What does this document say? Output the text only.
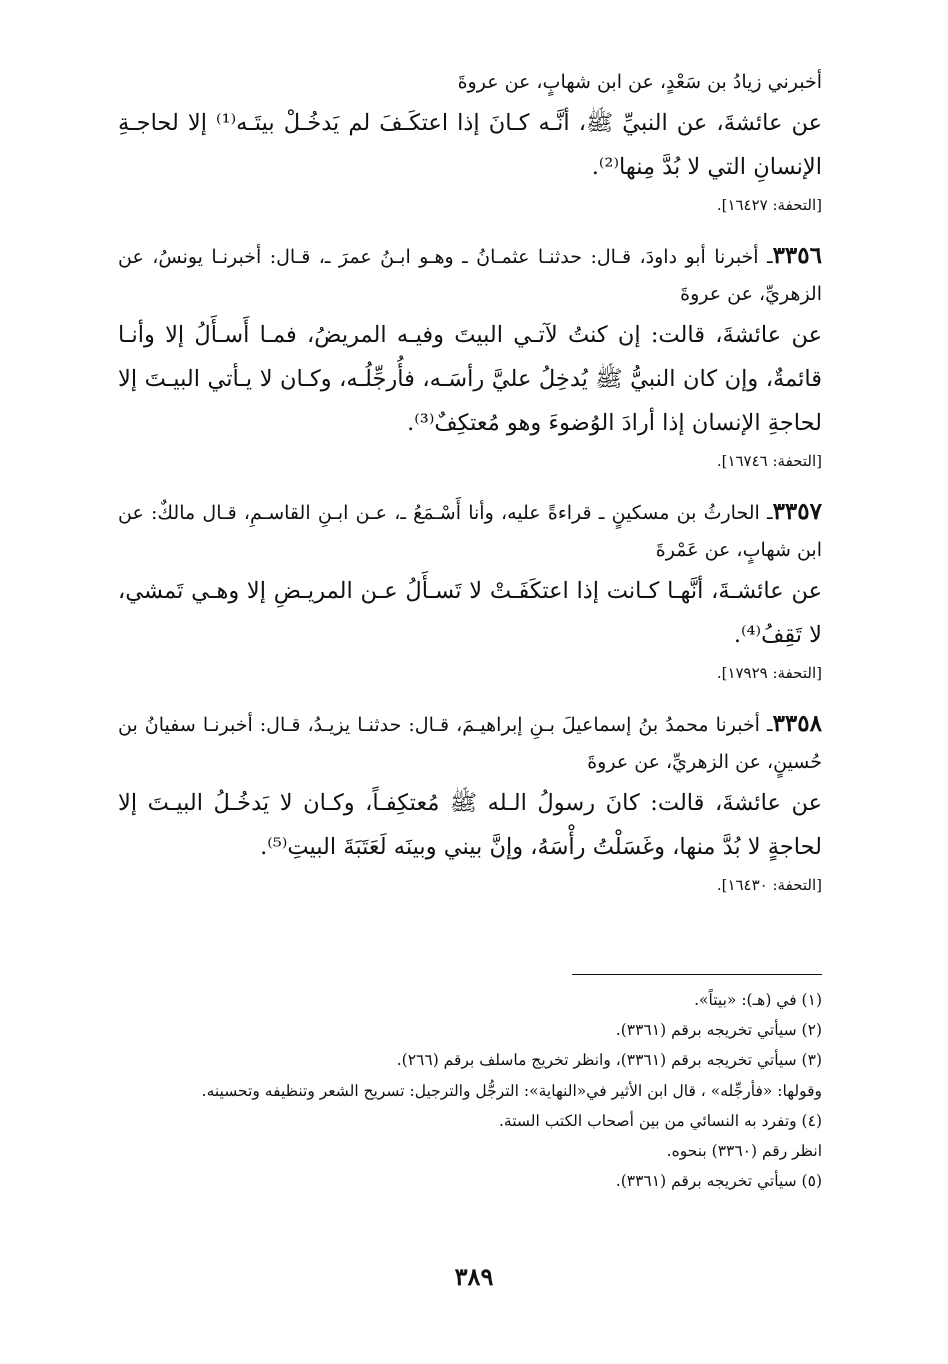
أخبرني زيادُ بن سَعْدٍ، عن ابن شهابٍ، عن عروةَ
عن عائشةَ، عن النبيِّ ﷺ، أنَّـه كـانَ إذا اعتكَـفَ لم يَدخُـلْ بيتَـه⁽¹⁾ إلا لحاجـةِ الإنسانِ التي لا بُدَّ مِنها⁽²⁾.
[التحفة: ١٦٤٢٧].
٣٣٥٦ـ أخبرنا أبو داودَ، قـال: حدثنـا عثمـانُ ـ وهـو ابـنُ عمرَ ـ، قـال: أخبرنـا يونسُ، عن الزهريِّ، عن عروةَ
عن عائشةَ، قالت: إن كنتُ لآتـي البيتَ وفيـه المريضُ، فمـا أَسـأَلُ إلا وأنـا قائمةٌ، وإن كان النبيُّ ﷺ يُدخِلُ عليَّ رأسَـه، فأُرجِّلُـه، وكـان لا يـأتي البيـتَ إلا لحاجةِ الإنسان إذا أرادَ الوُضوءَ وهو مُعتكِفٌ⁽³⁾.
[التحفة: ١٦٧٤٦].
٣٣٥٧ـ الحارثُ بن مسكينٍ ـ قراءةً عليه، وأنا أَسْـمَعُ ـ، عـن ابـنِ القاسـمِ، قـال مالكٌ: عن ابن شهابٍ، عن عَمْرةَ
عن عائشـةَ، أنَّهـا كـانت إذا اعتكَفَـتْ لا تَسـأَلُ عـن المريـضِ إلا وهـي تَمشي، لا تَقِفُ⁽⁴⁾.
[التحفة: ١٧٩٢٩].
٣٣٥٨ـ أخبرنا محمدُ بنُ إسماعيلَ بـنِ إبراهيـمَ، قـال: حدثنـا يزيـدُ، قـال: أخبرنـا سفيانُ بن حُسينٍ، عن الزهريِّ، عن عروةَ
عن عائشةَ، قالت: كانَ رسولُ الـله ﷺ مُعتكِفـاً، وكـان لا يَدخُـلُ البيـتَ إلا لحاجةٍ لا بُدَّ منها، وغَسَلْتُ رأْسَهُ، وإنَّ بيني وبينَه لَعَتَبَةَ البيتِ⁽⁵⁾.
[التحفة: ١٦٤٣٠].
(١) في (هـ): «بيتاً».
(٢) سيأتي تخريجه برقم (٣٣٦١).
(٣) سيأتي تخريجه برقم (٣٣٦١)، وانظر تخريج ماسلف برقم (٢٦٦).
وقولها: «فأرجِّله» ، قال ابن الأثير في«النهاية»: الترجُّل والترجيل: تسريح الشعر وتنظيفه وتحسينه.
(٤) وتفرد به النسائي من بين أصحاب الكتب الستة.
انظر رقم (٣٣٦٠) بنحوه.
(٥) سيأتي تخريجه برقم (٣٣٦١).
٣٨٩
